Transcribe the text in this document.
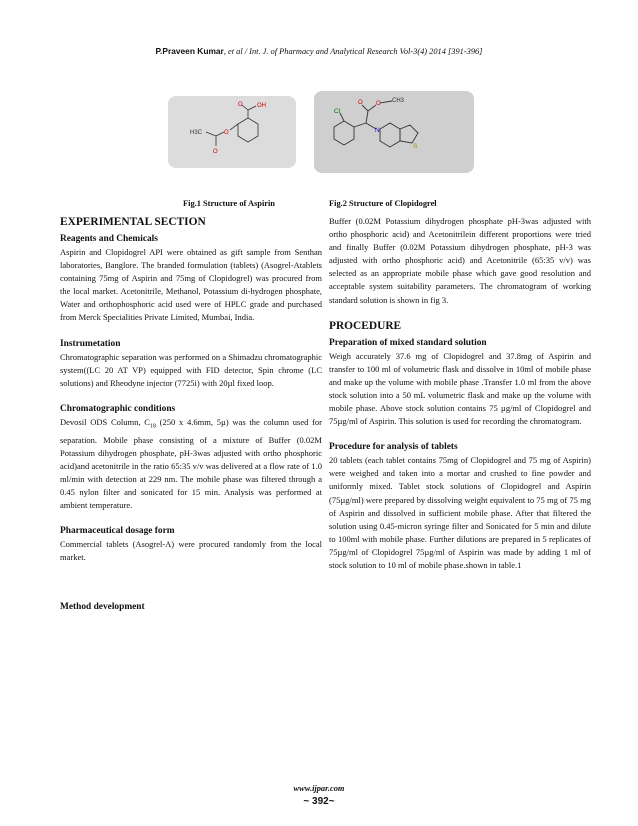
P.Praveen Kumar, et al / Int. J. of Pharmacy and Analytical Research Vol-3(4) 2014 [391-396]
O OH
O
O
H3C
Cl
O O CH3
N
S
Fig.1 Structure of Aspirin	Fig.2 Structure of Clopidogrel
EXPERIMENTAL SECTION
Reagents and Chemicals

Aspirin and Clopidogrel API were obtained as gift sample from Senthan laboratories, Banglore. The branded formulation (tablets) (Asogrel-Atablets containing 75mg of Aspirin and 75mg of Clopidogrel) was procured from the local market. Acetonitrile, Methanol, Potassium di-hydrogen phosphate, Water and orthophosphoric acid used were of HPLC grade and purchased from Merck Specialities Private Limited, Mumbai, India.

Instrumetation

Chromatographic separation was performed on a Shimadzu chromatographic system((LC 20 AT VP) equipped with FID detector, Spin chrome (LC solutions) and Rheodyne injector (7725i) with 20µl fixed loop.

Chromatographic conditions

Devosil ODS Column, $C_{18}$ (250 x 4.6mm, 5µ) was the column used for separation. Mobile phase consisting of a mixture of Buffer (0.02M Potassium dihydrogen phosphate, pH-3was adjusted with ortho phosphoric acid)and acetonitrile in the ratio 65:35 v/v was delivered at a flow rate of 1.0 ml/min with detection at 229 nm. The mobile phase was filtered through a 0.45 nylon filter and sonicated for 15 min. Analysis was performed at ambient temperature.

Pharmaceutical dosage form

Commercial tablets (Asogrel-A) were procured randomly from the local market.

Method development

Buffer (0.02M Potassium dihydrogen phosphate pH-3was adjusted with ortho phosphoric acid) and Acetonitrilein different proportions were tried and finally Buffer (0.02M Potassium dihydrogen phosphate, pH-3 was adjusted with ortho phosphoric acid) and Acetonitrile (65:35 v/v) was selected as an appropriate mobile phase which gave good resolution and acceptable system suitability parameters. The chromatogram of working standard solution is shown in fig 3.

PROCEDURE
Preparation of mixed standard solution

Weigh accurately 37.6 mg of Clopidogrel and 37.8mg of Aspirin and transfer to 100 ml of volumetric flask and dissolve in 10ml of mobile phase and make up the volume with mobile phase .Transfer 1.0 ml from the above stock solution into a 50 mL volumetric flask and make up the volume with mobile phase. Above stock solution contains 75 µg/ml of Clopidogrel and 75µg/ml of Aspirin. This solution is used for recording the chromatogram.

Procedure for analysis of tablets

20 tablets (each tablet contains 75mg of Clopidogrel and 75 mg of Aspirin) were weighed and taken into a mortar and crushed to fine powder and uniformly mixed. Tablet stock solutions of Clopidogrel and Aspirin (75µg/ml) were prepared by dissolving weight equivalent to 75 mg of 75 mg of Aspirin and dissolved in sufficient mobile phase. After that filtered the solution using 0.45-micron syringe filter and Sonicated for 5 min and dilute to 100ml with mobile phase. Further dilutions are prepared in 5 replicates of 75µg/ml of Clopidogrel 75µg/ml of Aspirin was made by adding 1 ml of stock solution to 10 ml of mobile phase.shown in table.1

www.ijpar.com
~ 392~
